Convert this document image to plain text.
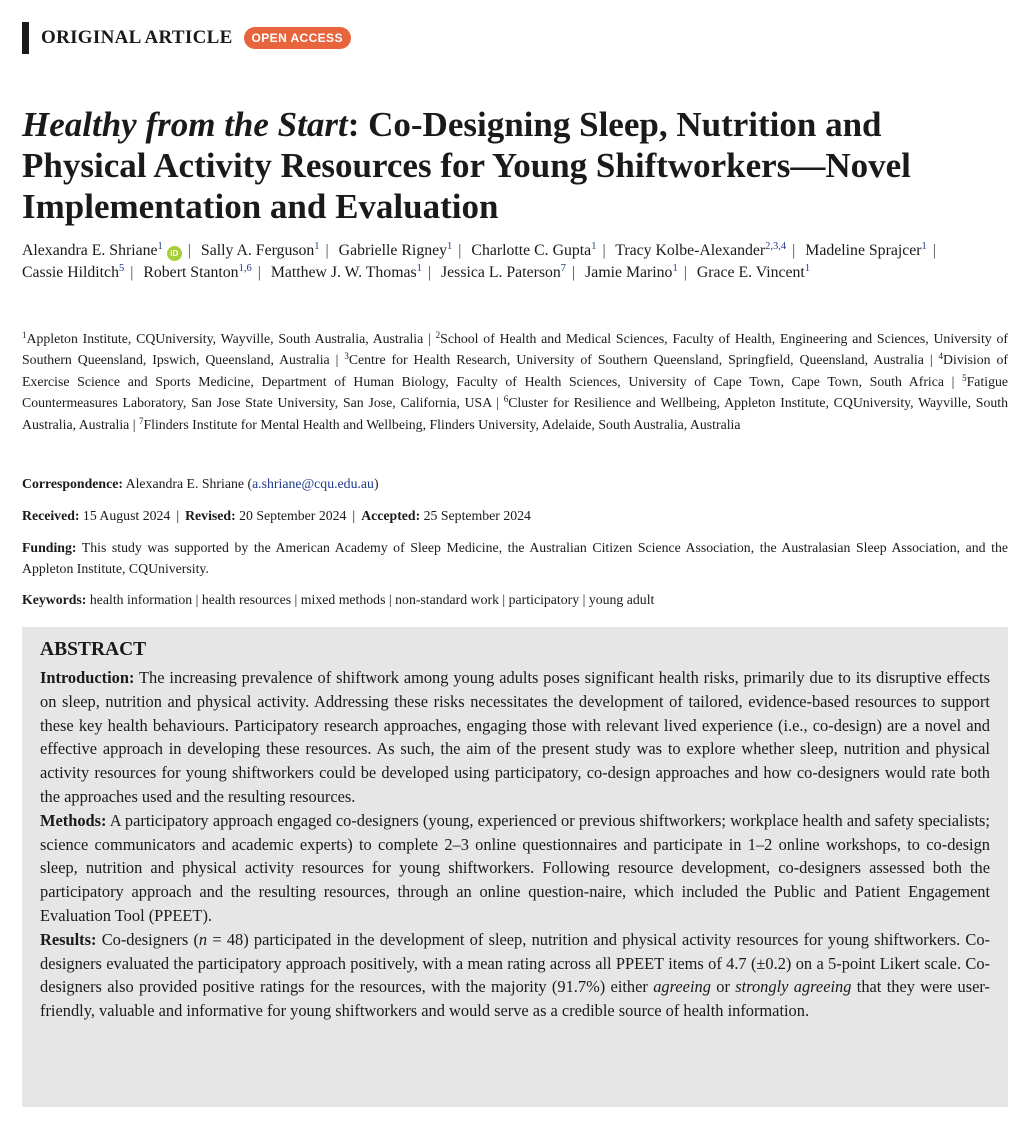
ORIGINAL ARTICLE	OPEN ACCESS
Healthy from the Start: Co-Designing Sleep, Nutrition and Physical Activity Resources for Young Shiftworkers—Novel Implementation and Evaluation
Alexandra E. Shriane$^1$iD | Sally A. Ferguson$^1$ | Gabrielle Rigney$^1$ | Charlotte C. Gupta$^1$ | Tracy Kolbe-Alexander$^{2,3,4}$ | Madeline Sprajcer$^1$ | Cassie Hilditch$^5$ | Robert Stanton$^{1,6}$ | Matthew J. W. Thomas$^1$ | Jessica L. Paterson$^7$ | Jamie Marino$^1$ | Grace E. Vincent$^1$
$^1$Appleton Institute, CQUniversity, Wayville, South Australia, Australia | $^2$School of Health and Medical Sciences, Faculty of Health, Engineering and Sciences, University of Southern Queensland, Ipswich, Queensland, Australia | $^3$Centre for Health Research, University of Southern Queensland, Springfield, Queensland, Australia | $^4$Division of Exercise Science and Sports Medicine, Department of Human Biology, Faculty of Health Sciences, University of Cape Town, Cape Town, South Africa | $^5$Fatigue Countermeasures Laboratory, San Jose State University, San Jose, California, USA | $^6$Cluster for Resilience and Wellbeing, Appleton Institute, CQUniversity, Wayville, South Australia, Australia | $^7$Flinders Institute for Mental Health and Wellbeing, Flinders University, Adelaide, South Australia, Australia
Correspondence: Alexandra E. Shriane (a.shriane@cqu.edu.au)
Received: 15 August 2024 | Revised: 20 September 2024 | Accepted: 25 September 2024
Funding: This study was supported by the American Academy of Sleep Medicine, the Australian Citizen Science Association, the Australasian Sleep Association, and the Appleton Institute, CQUniversity.
Keywords: health information | health resources | mixed methods | non-standard work | participatory | young adult
ABSTRACT

Introduction: The increasing prevalence of shiftwork among young adults poses significant health risks, primarily due to its disruptive effects on sleep, nutrition and physical activity. Addressing these risks necessitates the development of tailored, evidence-based resources to support these key health behaviours. Participatory research approaches, engaging those with relevant lived experience (i.e., co-design) are a novel and effective approach in developing these resources. As such, the aim of the present study was to explore whether sleep, nutrition and physical activity resources for young shiftworkers could be developed using participatory, co-design approaches and how co-designers would rate both the approaches used and the resulting resources.

Methods: A participatory approach engaged co-designers (young, experienced or previous shiftworkers; workplace health and safety specialists; science communicators and academic experts) to complete 2–3 online questionnaires and participate in 1–2 online workshops, to co-design sleep, nutrition and physical activity resources for young shiftworkers. Following resource development, co-designers assessed both the participatory approach and the resulting resources, through an online question-naire, which included the Public and Patient Engagement Evaluation Tool (PPEET).

Results: Co-designers (n = 48) participated in the development of sleep, nutrition and physical activity resources for young shiftworkers. Co-designers evaluated the participatory approach positively, with a mean rating across all PPEET items of 4.7 (±0.2) on a 5-point Likert scale. Co-designers also provided positive ratings for the resources, with the majority (91.7%) either agreeing or strongly agreeing that they were user-friendly, valuable and informative for young shiftworkers and would serve as a credible source of health information.
